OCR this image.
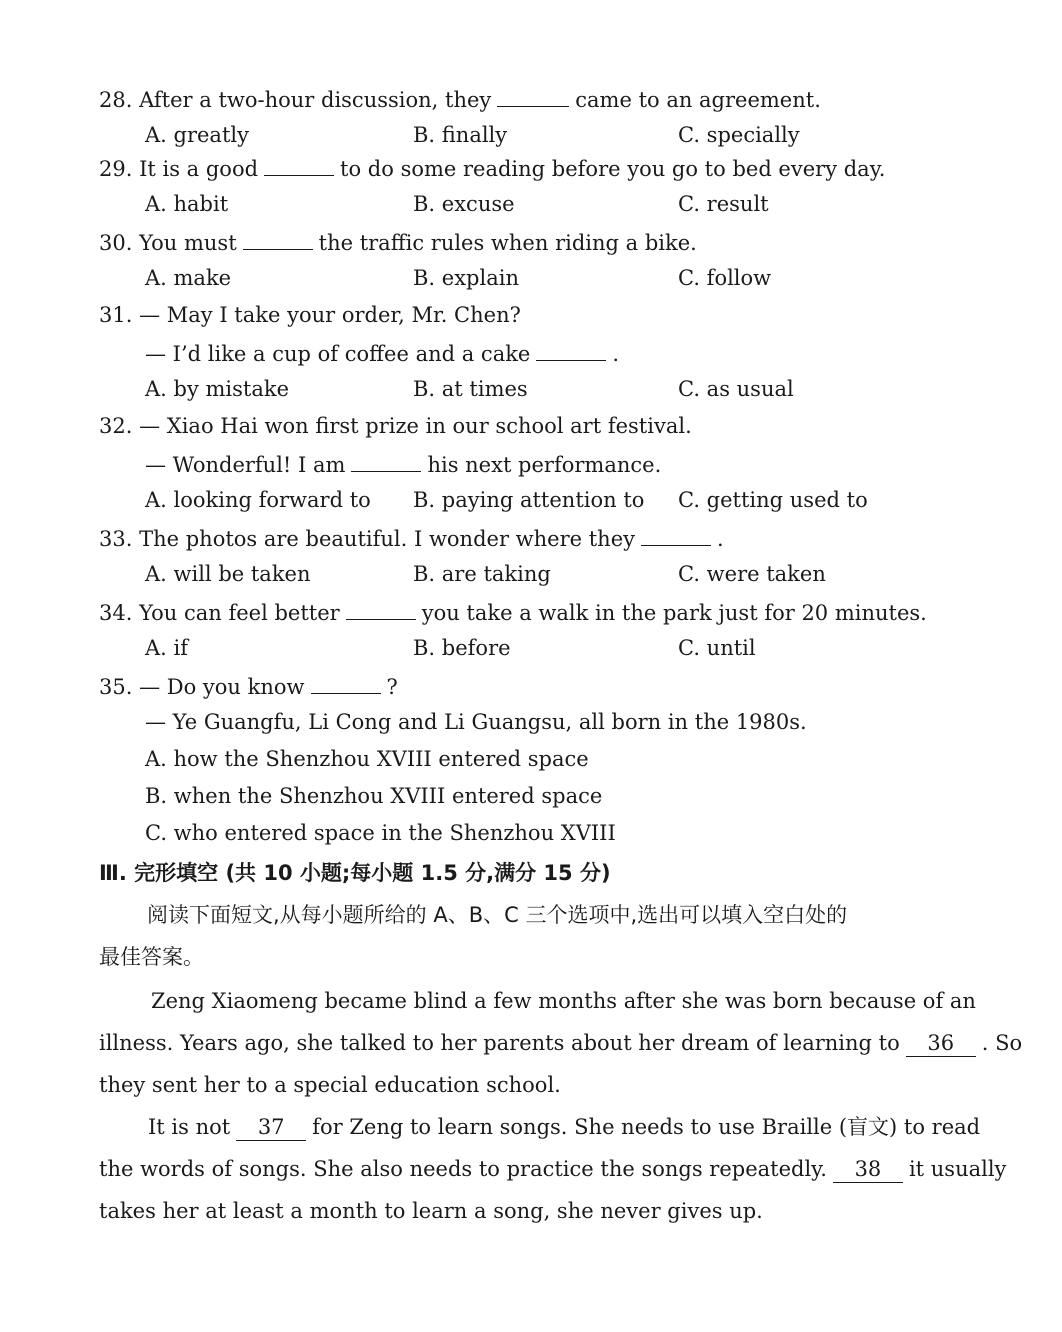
28. After a two-hour discussion, they	came to an agreement.
A. greatly	B. finally	C. specially
29. It is a good	to do some reading before you go to bed every day.
A. habit	B. excuse	C. result
30. You must	the traffic rules when riding a bike.
A. make	B. explain	C. follow
31. — May I take your order, Mr. Chen?
— I’d like a cup of coffee and a cake	.
A. by mistake	B. at times	C. as usual
32. — Xiao Hai won first prize in our school art festival.
— Wonderful! I am	his next performance.
A. looking forward to B. paying attention to C. getting used to
33. The photos are beautiful. I wonder where they	.
A. will be taken	B. are taking	C. were taken
34. You can feel better	you take a walk in the park just for 20 minutes.
A. if	B. before	C. until
35. — Do you know	?
— Ye Guangfu, Li Cong and Li Guangsu, all born in the 1980s.
A. how the Shenzhou XVIII entered space
B. when the Shenzhou XVIII entered space
C. who entered space in the Shenzhou XVIII
Ⅲ. 完形填空 (共 10 小题;每小题 1.5 分,满分 15 分)
阅读下面短文,从每小题所给的 A、B、C 三个选项中,选出可以填入空白处的
最佳答案。
Zeng Xiaomeng became blind a few months after she was born because of an
illness. Years ago, she talked to her parents about her dream of learning to	36 . So
they sent her to a special education school.
It is not 37	for Zeng to learn songs. She needs to use Braille (盲文) to read
the words of songs. She also needs to practice the songs repeatedly.	38 it usually
takes her at least a month to learn a song, she never gives up.
